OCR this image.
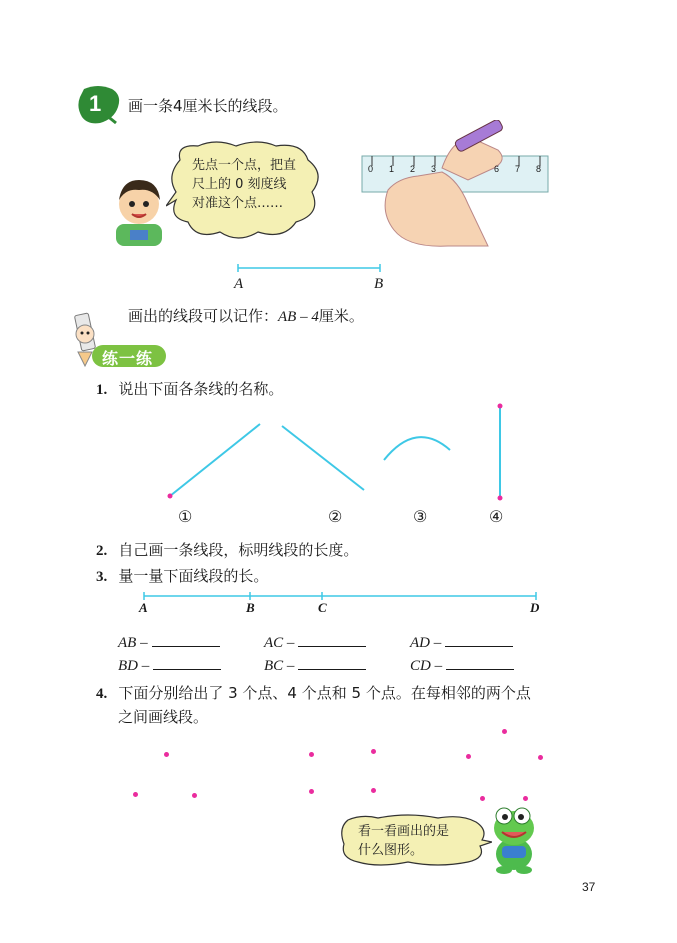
1 画一条4厘米长的线段。
先点一个点，把直
尺上的 0 刻度线
对准这个点……
0 1 2 3	6 7 8
A	B
画出的线段可以记作：AB – 4厘米。
练一练
1. 说出下面各条线的名称。
①	②	③	④
2. 自己画一条线段，标明线段的长度。
3. 量一量下面线段的长。
A	B	C	D
AB –	AC –	AD –
BD –	BC –	CD –
4. 下面分别给出了 3 个点、4 个点和 5 个点。在每相邻的两个点
之间画线段。
看一看画出的是
什么图形。
37
